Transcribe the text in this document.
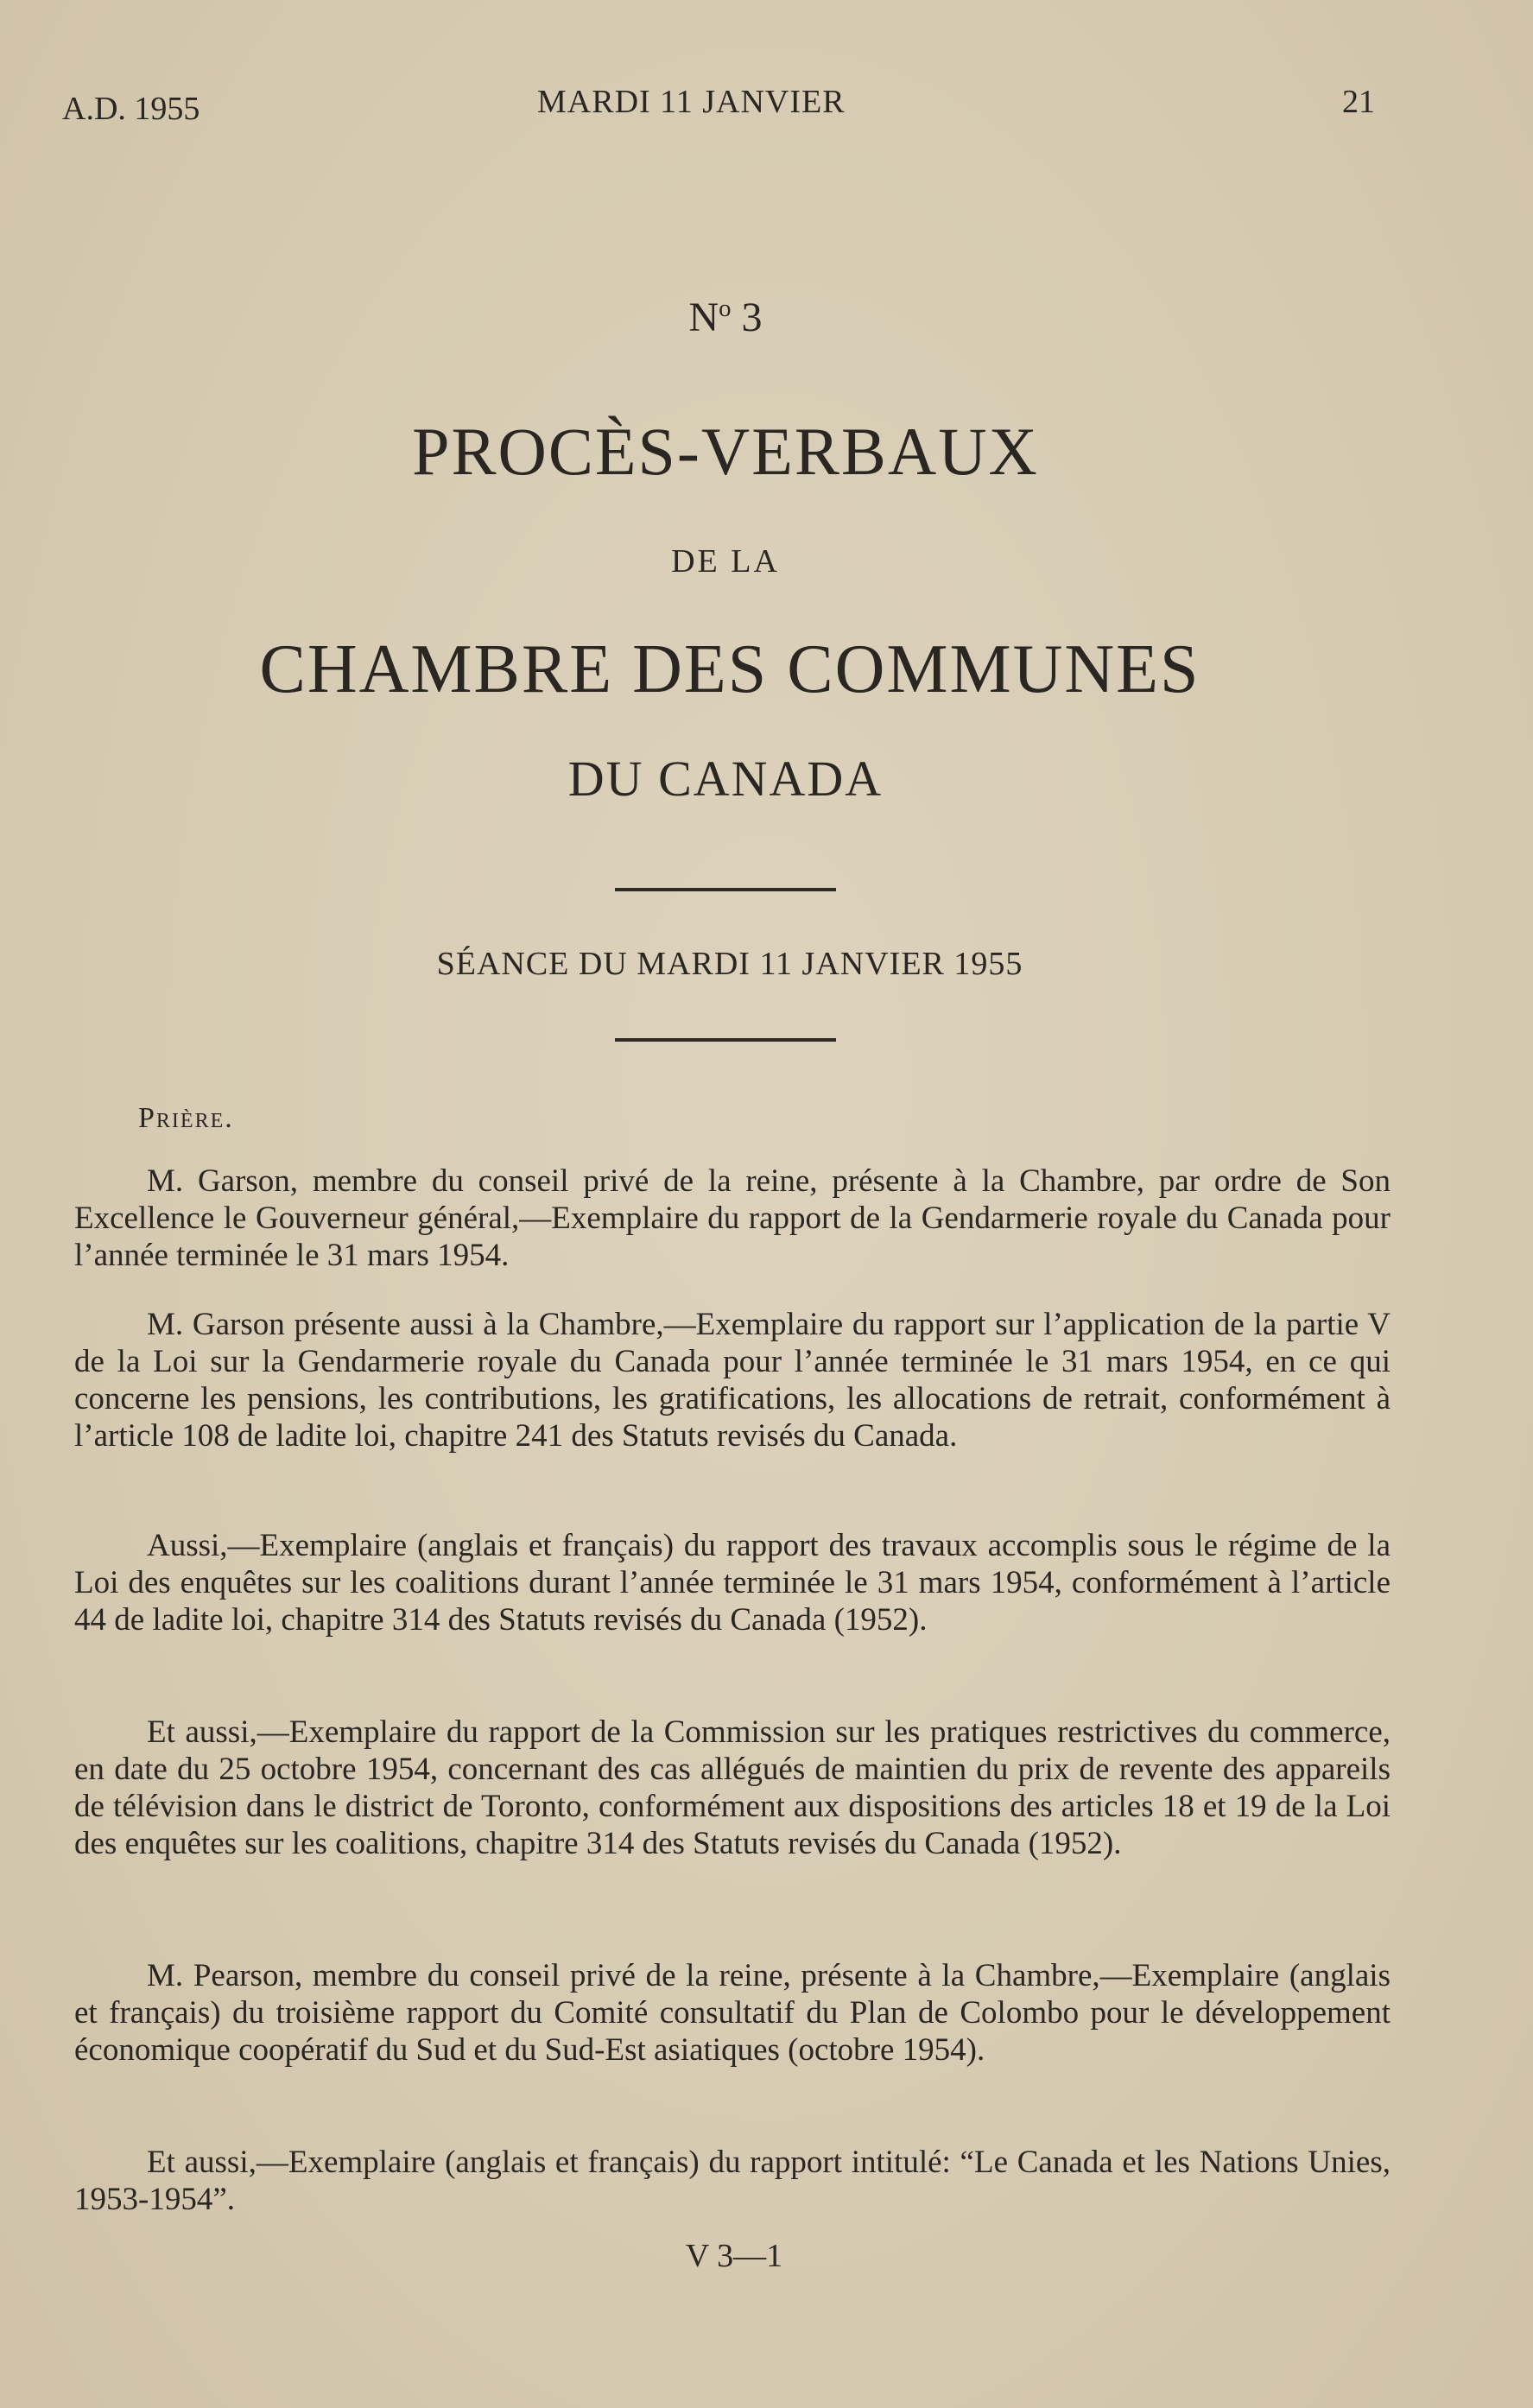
A.D. 1955	MARDI 11 JANVIER	21
$N^o$ 3
PROCÈS-VERBAUX
DE LA
CHAMBRE DES COMMUNES
DU CANADA
SÉANCE DU MARDI 11 JANVIER 1955
Prière.

M. Garson, membre du conseil privé de la reine, présente à la Chambre, par ordre de Son Excellence le Gouverneur général,—Exemplaire du rapport de la Gendarmerie royale du Canada pour l’année terminée le 31 mars 1954.

M. Garson présente aussi à la Chambre,—Exemplaire du rapport sur l’application de la partie V de la Loi sur la Gendarmerie royale du Canada pour l’année terminée le 31 mars 1954, en ce qui concerne les pensions, les contributions, les gratifications, les allocations de retrait, conformément à l’article 108 de ladite loi, chapitre 241 des Statuts revisés du Canada.

Aussi,—Exemplaire (anglais et français) du rapport des travaux accomplis sous le régime de la Loi des enquêtes sur les coalitions durant l’année terminée le 31 mars 1954, conformément à l’article 44 de ladite loi, chapitre 314 des Statuts revisés du Canada (1952).

Et aussi,—Exemplaire du rapport de la Commission sur les pratiques restrictives du commerce, en date du 25 octobre 1954, concernant des cas allégués de maintien du prix de revente des appareils de télévision dans le district de Toronto, conformément aux dispositions des articles 18 et 19 de la Loi des enquêtes sur les coalitions, chapitre 314 des Statuts revisés du Canada (1952).

M. Pearson, membre du conseil privé de la reine, présente à la Chambre,—Exemplaire (anglais et français) du troisième rapport du Comité consultatif du Plan de Colombo pour le développement économique coopératif du Sud et du Sud-Est asiatiques (octobre 1954).

Et aussi,—Exemplaire (anglais et français) du rapport intitulé: “Le Canada et les Nations Unies, 1953-1954”.

V 3—1
